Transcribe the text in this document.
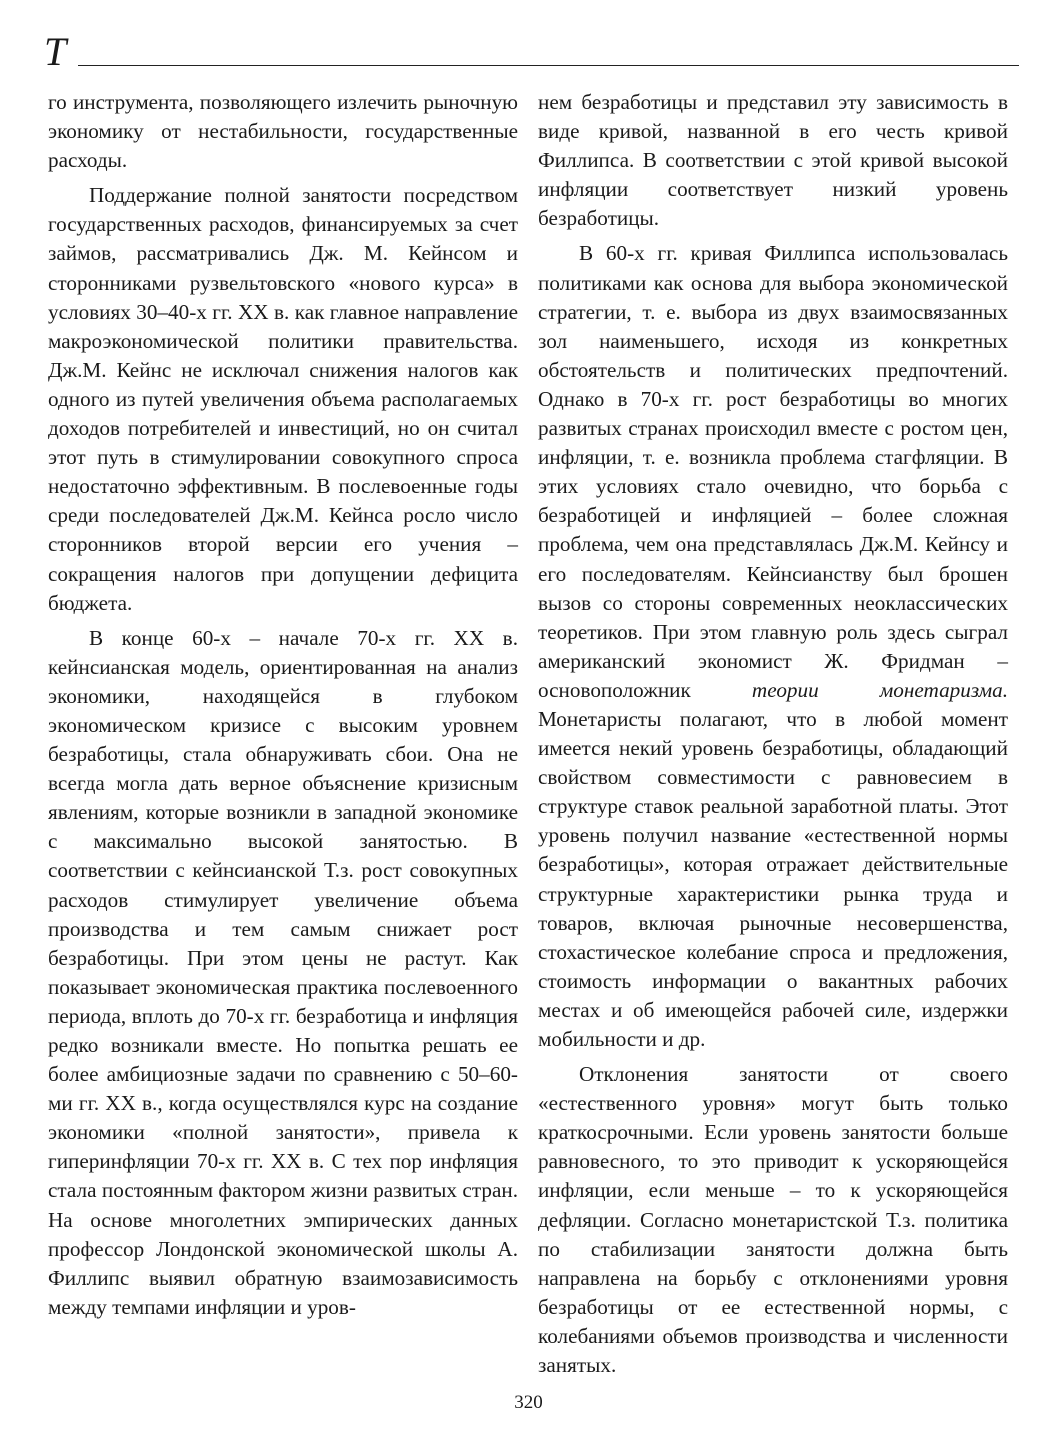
Т

го инструмента, позволяющего излечить рыночную экономику от нестабильности, государственные расходы.

Поддержание полной занятости посредством государственных расходов, финансируемых за счет займов, рассматривались Дж. М. Кейнсом и сторонниками рузвельтовского «нового курса» в условиях 30–40-х гг. XX в. как главное направление макроэкономической политики правительства. Дж.М. Кейнс не исключал снижения налогов как одного из путей увеличения объема располагаемых доходов потребителей и инвестиций, но он считал этот путь в стимулировании совокупного спроса недостаточно эффективным. В послевоенные годы среди последователей Дж.М. Кейнса росло число сторонников второй версии его учения – сокращения налогов при допущении дефицита бюджета.

В конце 60-х – начале 70-х гг. XX в. кейнсианская модель, ориентированная на анализ экономики, находящейся в глубоком экономическом кризисе с высоким уровнем безработицы, стала обнаруживать сбои. Она не всегда могла дать верное объяснение кризисным явлениям, которые возникли в западной экономике с максимально высокой занятостью. В соответствии с кейнсианской Т.з. рост совокупных расходов стимулирует увеличение объема производства и тем самым снижает рост безработицы. При этом цены не растут. Как показывает экономическая практика послевоенного периода, вплоть до 70-х гг. безработица и инфляция редко возникали вместе. Но попытка решать ее более амбициозные задачи по сравнению с 50–60-ми гг. XX в., когда осуществлялся курс на создание экономики «полной занятости», привела к гиперинфляции 70-х гг. XX в. С тех пор инфляция стала постоянным фактором жизни развитых стран. На основе многолетних эмпирических данных профессор Лондонской экономической школы А. Филлипс выявил обратную взаимозависимость между темпами инфляции и уров-

нем безработицы и представил эту зависимость в виде кривой, названной в его честь кривой Филлипса. В соответствии с этой кривой высокой инфляции соответствует низкий уровень безработицы.

В 60-х гг. кривая Филлипса использовалась политиками как основа для выбора экономической стратегии, т. е. выбора из двух взаимосвязанных зол наименьшего, исходя из конкретных обстоятельств и политических предпочтений. Однако в 70-х гг. рост безработицы во многих развитых странах происходил вместе с ростом цен, инфляции, т. е. возникла проблема стагфляции. В этих условиях стало очевидно, что борьба с безработицей и инфляцией – более сложная проблема, чем она представлялась Дж.М. Кейнсу и его последователям. Кейнсианству был брошен вызов со стороны современных неоклассических теоретиков. При этом главную роль здесь сыграл американский экономист Ж. Фридман – основоположник	теории монетаризма. Монетаристы полагают, что в любой момент имеется некий уровень безработицы, обладающий свойством совместимости с равновесием в структуре ставок реальной заработной платы. Этот уровень получил название «естественной нормы безработицы», которая отражает действительные структурные характеристики рынка труда и товаров, включая рыночные несовершенства, стохастическое колебание спроса и предложения, стоимость информации о вакантных рабочих местах и об имеющейся рабочей силе, издержки мобильности и др.

Отклонения занятости от своего «естественного уровня» могут быть только краткосрочными. Если уровень занятости больше равновесного, то это приводит к ускоряющейся инфляции, если меньше – то к ускоряющейся дефляции. Согласно монетаристской Т.з. политика по стабилизации занятости должна быть направлена на борьбу с отклонениями уровня безработицы от ее естественной нормы, с колебаниями объемов производства и численности занятых.

320
